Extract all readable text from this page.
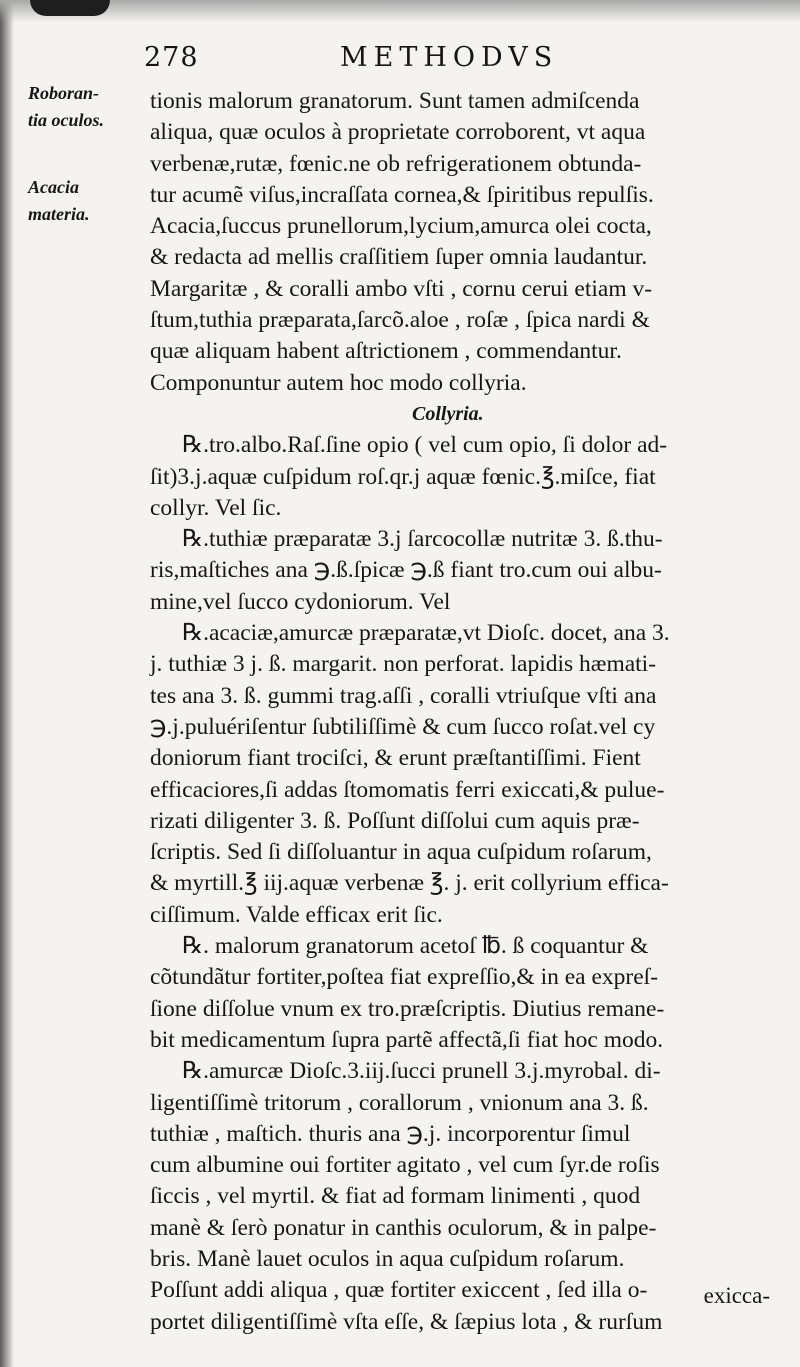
278	METHODVS
Roboran-
tia oculos.
Acacia
materia.
tionis malorum granatorum. Sunt tamen admiſcenda
aliqua, quæ oculos à proprietate corroborent, vt aqua
verbenæ,rutæ, fœnic.ne ob refrigerationem obtunda-
tur acumẽ viſus,incraſſata cornea,& ſpiritibus repulſis.
Acacia,ſuccus prunellorum,lycium,amurca olei cocta,
& redacta ad mellis craſſitiem ſuper omnia laudantur.
Margaritæ , & coralli ambo vſti , cornu cerui etiam v-
ſtum,tuthia præparata,ſarcõ.aloe , roſæ , ſpica nardi &
quæ aliquam habent aſtrictionem , commendantur.
Componuntur autem hoc modo collyria.
Collyria.
℞.tro.albo.Raſ.ſine opio ( vel cum opio, ſi dolor ad-
ſit)3.j.aquæ cuſpidum roſ.qr.j aquæ fœnic.℥.miſce, fiat
collyr. Vel ſic.
℞.tuthiæ præparatæ 3.j ſarcocollæ nutritæ 3. ß.thu-
ris,maſtiches ana ℈.ß.ſpicæ ℈.ß fiant tro.cum oui albu-
mine,vel ſucco cydoniorum. Vel
℞.acaciæ,amurcæ præparatæ,vt Dioſc. docet, ana 3.
j. tuthiæ 3 j. ß. margarit. non perforat. lapidis hæmati-
tes ana 3. ß. gummi trag.aſſi , coralli vtriuſque vſti ana
℈.j.puluériſentur ſubtiliſſimè & cum ſucco roſat.vel cy
doniorum fiant trociſci, & erunt præſtantiſſimi. Fient
efficaciores,ſi addas ſtomomatis ferri exiccati,& pulue-
rizati diligenter 3. ß. Poſſunt diſſolui cum aquis præ-
ſcriptis. Sed ſi diſſoluantur in aqua cuſpidum roſarum,
& myrtill.℥ iij.aquæ verbenæ ℥. j. erit collyrium effica-
ciſſimum. Valde efficax erit ſic.
℞. malorum granatorum acetoſ ℔. ß coquantur &
cõtundãtur fortiter,poſtea fiat expreſſio,& in ea expreſ-
ſione diſſolue vnum ex tro.præſcriptis. Diutius remane-
bit medicamentum ſupra partẽ affectã,ſi fiat hoc modo.
℞.amurcæ Dioſc.3.iij.ſucci prunell 3.j.myrobal. di-
ligentiſſimè tritorum , corallorum , vnionum ana 3. ß.
tuthiæ , maſtich. thuris ana ℈.j. incorporentur ſimul
cum albumine oui fortiter agitato , vel cum ſyr.de roſis
ſiccis , vel myrtil. & fiat ad formam linimenti , quod
manè & ſerò ponatur in canthis oculorum, & in palpe-
bris. Manè lauet oculos in aqua cuſpidum roſarum.
Poſſunt addi aliqua , quæ fortiter exiccent , ſed illa o-
portet diligentiſſimè vſta eſſe, & ſæpius lota , & rurſum
exicca-
